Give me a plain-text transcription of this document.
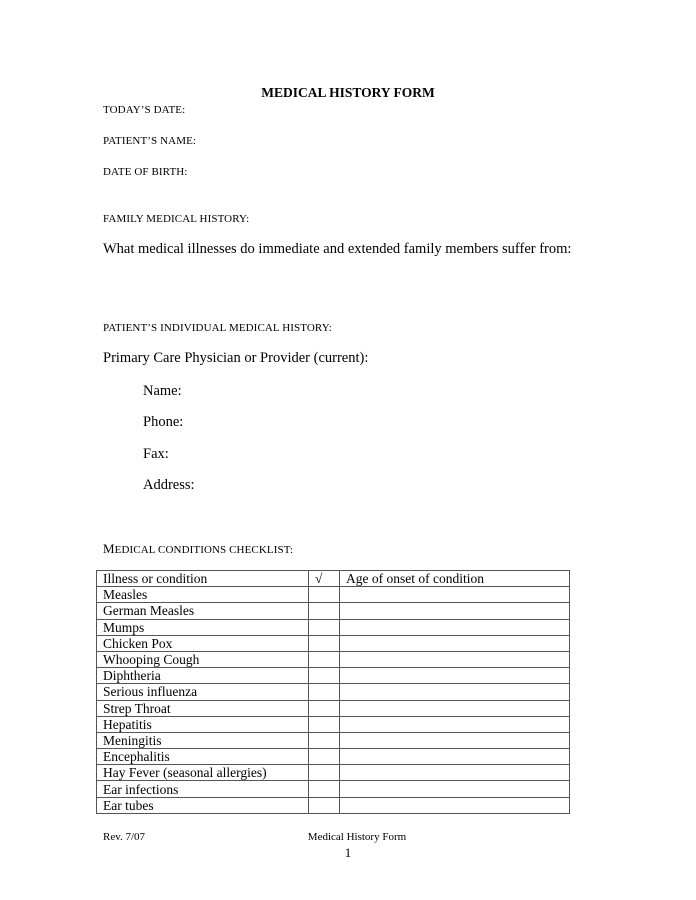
MEDICAL HISTORY FORM
TODAY’S DATE:
PATIENT’S NAME:
DATE OF BIRTH:
FAMILY MEDICAL HISTORY:
What medical illnesses do immediate and extended family members suffer from:
PATIENT’S INDIVIDUAL MEDICAL HISTORY:
Primary Care Physician or Provider (current):
Name:
Phone:
Fax:
Address:
MEDICAL CONDITIONS CHECKLIST:
Illness or condition	√	Age of onset of condition
Measles		
German Measles		
Mumps		
Chicken Pox		
Whooping Cough		
Diphtheria		
Serious influenza		
Strep Throat		
Hepatitis		
Meningitis		
Encephalitis		
Hay Fever (seasonal allergies)		
Ear infections		
Ear tubes		
Rev. 7/07	Medical History Form
1
